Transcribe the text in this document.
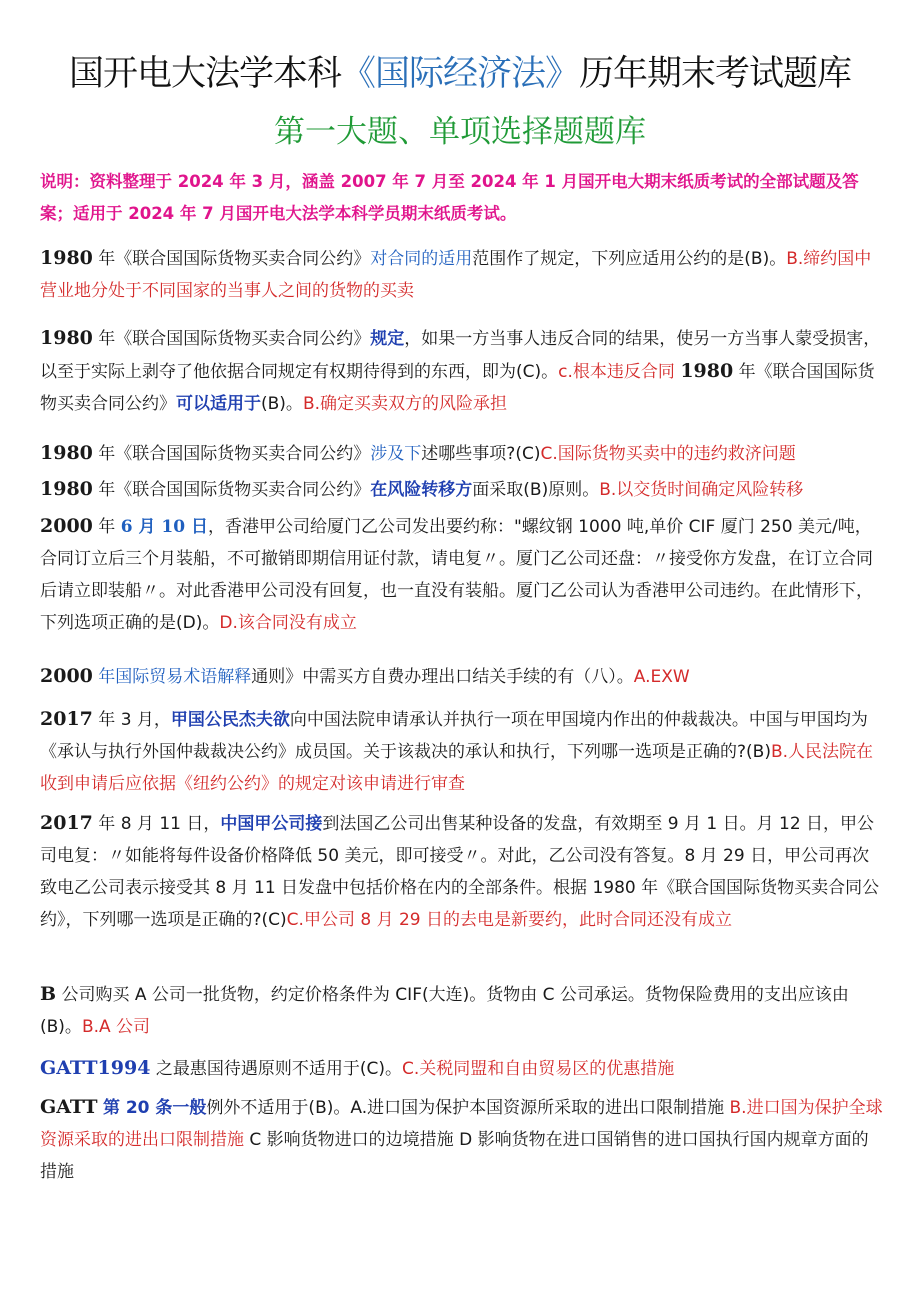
国开电大法学本科《国际经济法》历年期末考试题库
第一大题、单项选择题题库
说明：资料整理于 2024 年 3 月，涵盖 2007 年 7 月至 2024 年 1 月国开电大期末纸质考试的全部试题及答案；适用于 2024 年 7 月国开电大法学本科学员期末纸质考试。
1980 年《联合国国际货物买卖合同公约》对合同的适用范围作了规定，下列应适用公约的是(B)。B.缔约国中营业地分处于不同国家的当事人之间的货物的买卖
1980 年《联合国国际货物买卖合同公约》规定，如果一方当事人违反合同的结果，使另一方当事人蒙受损害，以至于实际上剥夺了他依据合同规定有权期待得到的东西，即为(C)。c.根本违反合同 1980 年《联合国国际货物买卖合同公约》可以适用于(B)。B.确定买卖双方的风险承担
1980 年《联合国国际货物买卖合同公约》涉及下述哪些事项?(C)C.国际货物买卖中的违约救济问题
1980 年《联合国国际货物买卖合同公约》在风险转移方面采取(B)原则。B.以交货时间确定风险转移
2000 年 6 月 10 日，香港甲公司给厦门乙公司发出要约称："螺纹钢 1000 吨,单价 CIF 厦门 250 美元/吨，合同订立后三个月装船，不可撤销即期信用证付款，请电复〃。厦门乙公司还盘：〃接受你方发盘，在订立合同后请立即装船〃。对此香港甲公司没有回复，也一直没有装船。厦门乙公司认为香港甲公司违约。在此情形下，下列选项正确的是(D)。D.该合同没有成立
2000 年国际贸易术语解释通则》中需买方自费办理出口结关手续的有（八）。A.EXW
2017 年 3 月，甲国公民杰夫欲向中国法院申请承认并执行一项在甲国境内作出的仲裁裁决。中国与甲国均为《承认与执行外国仲裁裁决公约》成员国。关于该裁决的承认和执行，下列哪一选项是正确的?(B)B.人民法院在收到申请后应依据《纽约公约》的规定对该申请进行审查
2017 年 8 月 11 日，中国甲公司接到法国乙公司出售某种设备的发盘，有效期至 9 月 1 日。月 12 日，甲公司电复：〃如能将每件设备价格降低 50 美元，即可接受〃。对此，乙公司没有答复。8 月 29 日，甲公司再次致电乙公司表示接受其 8 月 11 日发盘中包括价格在内的全部条件。根据 1980 年《联合国国际货物买卖合同公约》，下列哪一选项是正确的?(C)C.甲公司 8 月 29 日的去电是新要约，此时合同还没有成立
B 公司购买 A 公司一批货物，约定价格条件为 CIF(大连)。货物由 C 公司承运。货物保险费用的支出应该由(B)。B.A 公司
GATT1994 之最惠国待遇原则不适用于(C)。C.关税同盟和自由贸易区的优惠措施
GATT 第 20 条一般例外不适用于(B)。A.进口国为保护本国资源所采取的进出口限制措施 B.进口国为保护全球资源采取的进出口限制措施 C 影响货物进口的边境措施 D 影响货物在进口国销售的进口国执行国内规章方面的措施
